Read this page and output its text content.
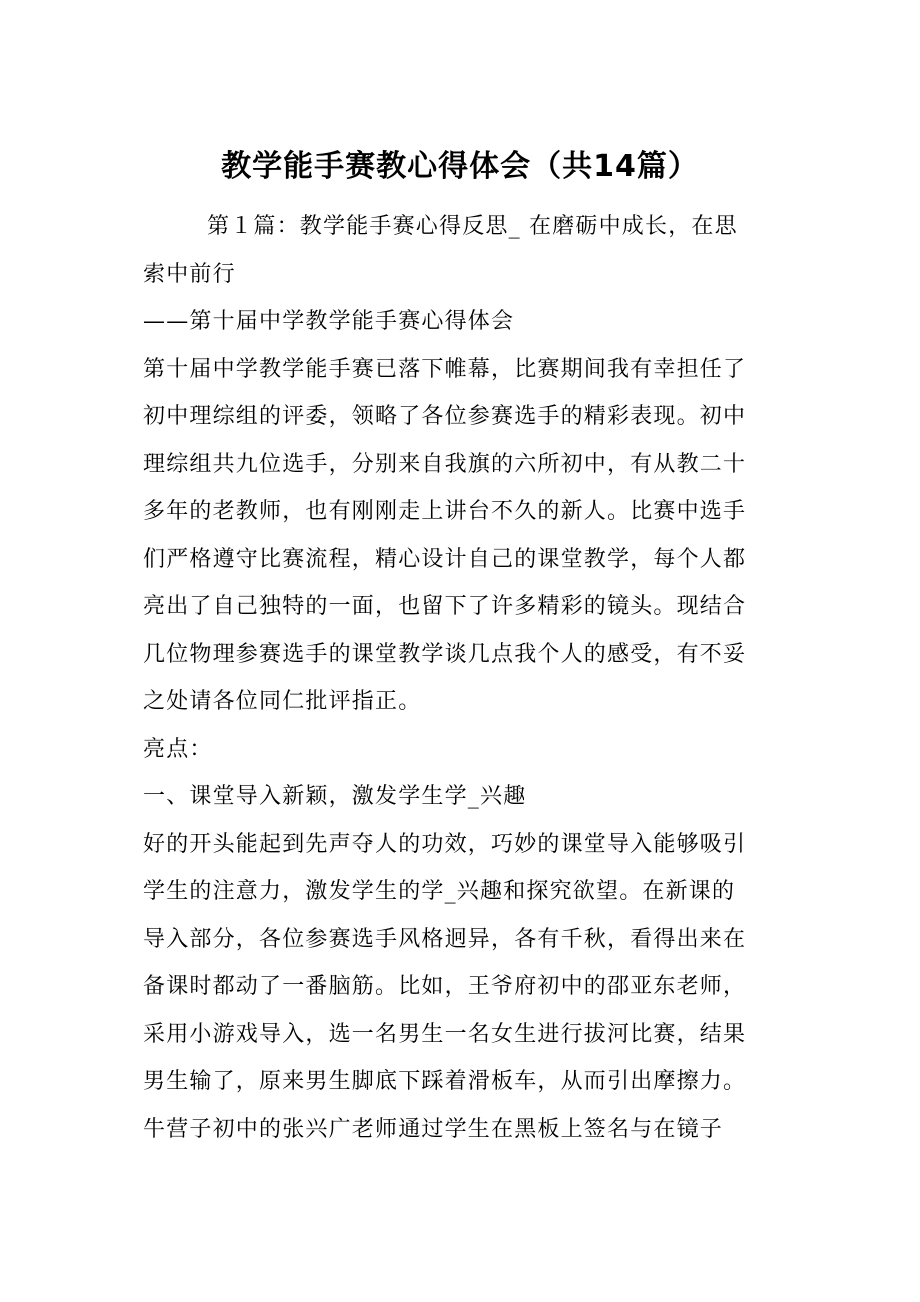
教学能手赛教心得体会（共14篇）
第１篇：教学能手赛心得反思_ 在磨砺中成长，在思
索中前行
——第十届中学教学能手赛心得体会
第十届中学教学能手赛已落下帷幕，比赛期间我有幸担任了
初中理综组的评委，领略了各位参赛选手的精彩表现。初中
理综组共九位选手，分别来自我旗的六所初中，有从教二十
多年的老教师，也有刚刚走上讲台不久的新人。比赛中选手
们严格遵守比赛流程，精心设计自己的课堂教学，每个人都
亮出了自己独特的一面，也留下了许多精彩的镜头。现结合
几位物理参赛选手的课堂教学谈几点我个人的感受，有不妥
之处请各位同仁批评指正。
亮点：
一、课堂导入新颖，激发学生学_兴趣
好的开头能起到先声夺人的功效，巧妙的课堂导入能够吸引
学生的注意力，激发学生的学_兴趣和探究欲望。在新课的
导入部分，各位参赛选手风格迥异，各有千秋，看得出来在
备课时都动了一番脑筋。比如，王爷府初中的邵亚东老师，
采用小游戏导入，选一名男生一名女生进行拔河比赛，结果
男生输了，原来男生脚底下踩着滑板车，从而引出摩擦力。
牛营子初中的张兴广老师通过学生在黑板上签名与在镜子
